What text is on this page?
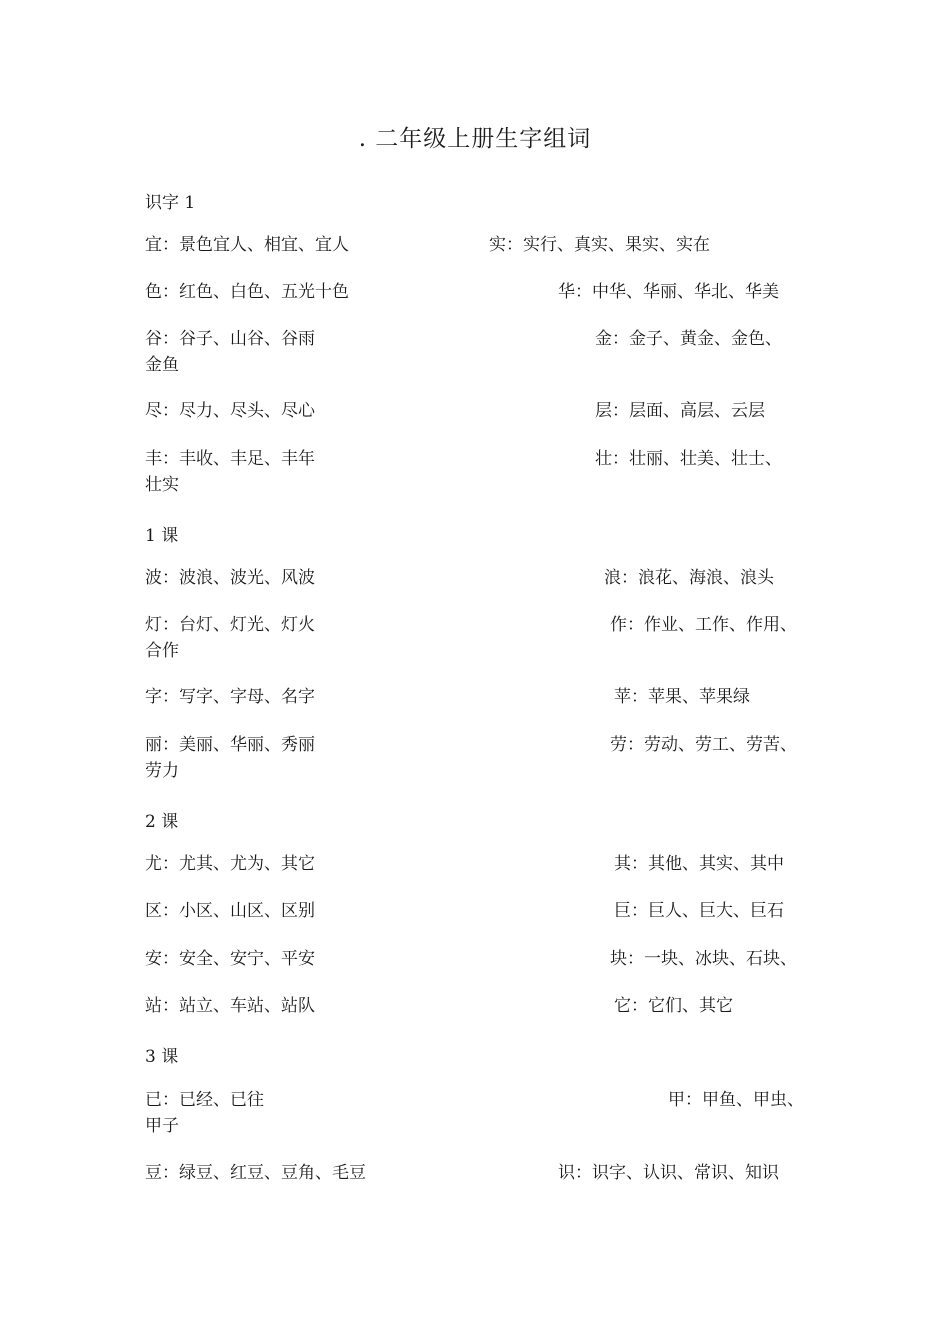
. 二年级上册生字组词
识字 1
宜：景色宜人、相宜、宜人	实：实行、真实、果实、实在
色：红色、白色、五光十色	华：中华、华丽、华北、华美
谷：谷子、山谷、谷雨	金：金子、黄金、金色、
金鱼
尽：尽力、尽头、尽心	层：层面、高层、云层
丰：丰收、丰足、丰年	壮：壮丽、壮美、壮士、
壮实
1 课
波：波浪、波光、风波	浪：浪花、海浪、浪头
灯：台灯、灯光、灯火	作：作业、工作、作用、
合作
字：写字、字母、名字	苹：苹果、苹果绿
丽：美丽、华丽、秀丽	劳：劳动、劳工、劳苦、
劳力
2 课
尤：尤其、尤为、其它	其：其他、其实、其中
区：小区、山区、区别	巨：巨人、巨大、巨石
安：安全、安宁、平安	块：一块、冰块、石块、
站：站立、车站、站队	它：它们、其它
3 课
已：已经、已往	甲：甲鱼、甲虫、
甲子
豆：绿豆、红豆、豆角、毛豆	识：识字、认识、常识、知识
